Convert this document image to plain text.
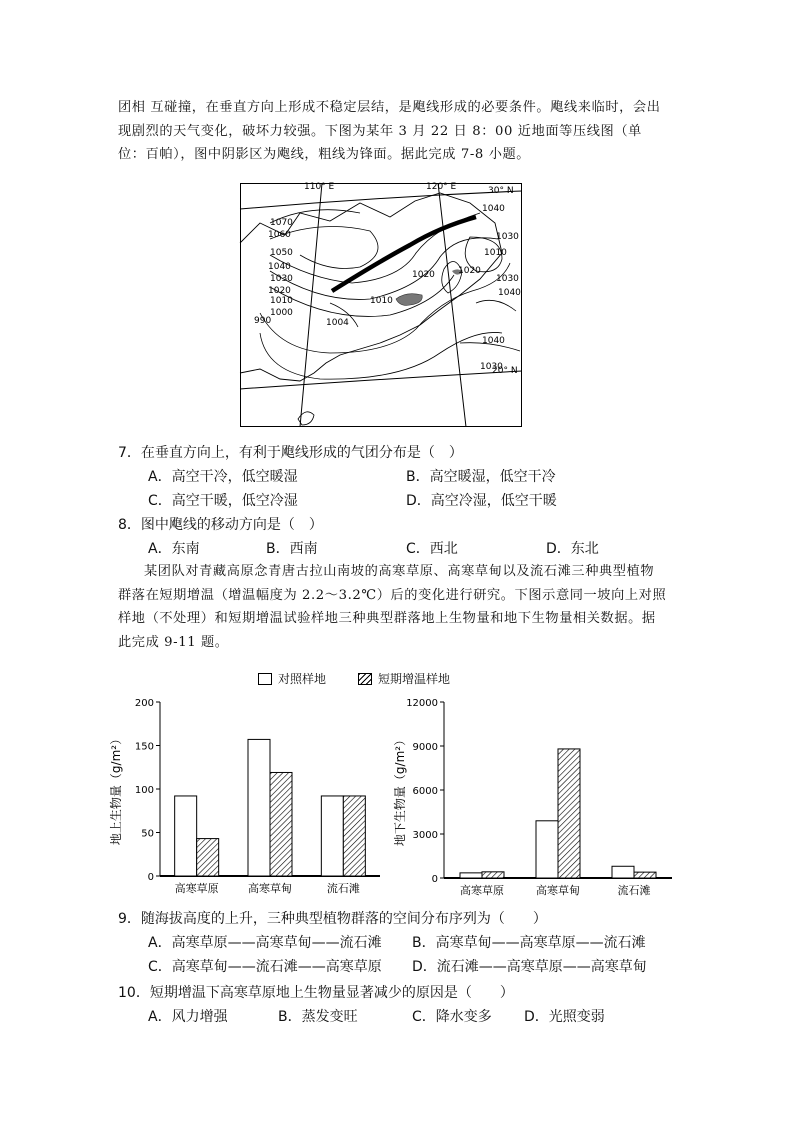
团相 互碰撞，在垂直方向上形成不稳定层结，是飑线形成的必要条件。飑线来临时，会出
现剧烈的天气变化，破坏力较强。下图为某年 3 月 22 日 8：00 近地面等压线图（单
位：百帕），图中阴影区为飑线，粗线为锋面。据此完成 7-8 小题。
110° E	120° E	30° N
20° N
1070
1060
1050
1040
1030
1020
1010
1000
990	1004
1010
1020	1020
1040
1030
1010
1030
1040
1040
1030
7．在垂直方向上，有利于飑线形成的气团分布是（　）
A．高空干冷，低空暖湿	B．高空暖湿，低空干冷
C．高空干暖，低空冷湿	D．高空冷湿，低空干暖
8．图中飑线的移动方向是（　）
A．东南	B．西南	C．西北	D．东北
某团队对青藏高原念青唐古拉山南坡的高寒草原、高寒草甸以及流石滩三种典型植物
群落在短期增温（增温幅度为 2.2～3.2℃）后的变化进行研究。下图示意同一坡向上对照
样地（不处理）和短期增温试验样地三种典型群落地上生物量和地下生物量相关数据。据
此完成 9-11 题。
对照样地	短期增温样地
0
50
100
150
200
地上生物量（g/m²）
高寒草原	高寒草甸	流石滩
0
3000
6000
9000
12000
地下生物量（g/m²）
高寒草原	高寒草甸	流石滩
9．随海拔高度的上升，三种典型植物群落的空间分布序列为（　　）
A．高寒草原——高寒草甸——流石滩 B．高寒草甸——高寒草原——流石滩
C．高寒草甸——流石滩——高寒草原 D．流石滩——高寒草原——高寒草甸
10．短期增温下高寒草原地上生物量显著减少的原因是（　　）
A．风力增强	B．蒸发变旺	C．降水变多 D．光照变弱
